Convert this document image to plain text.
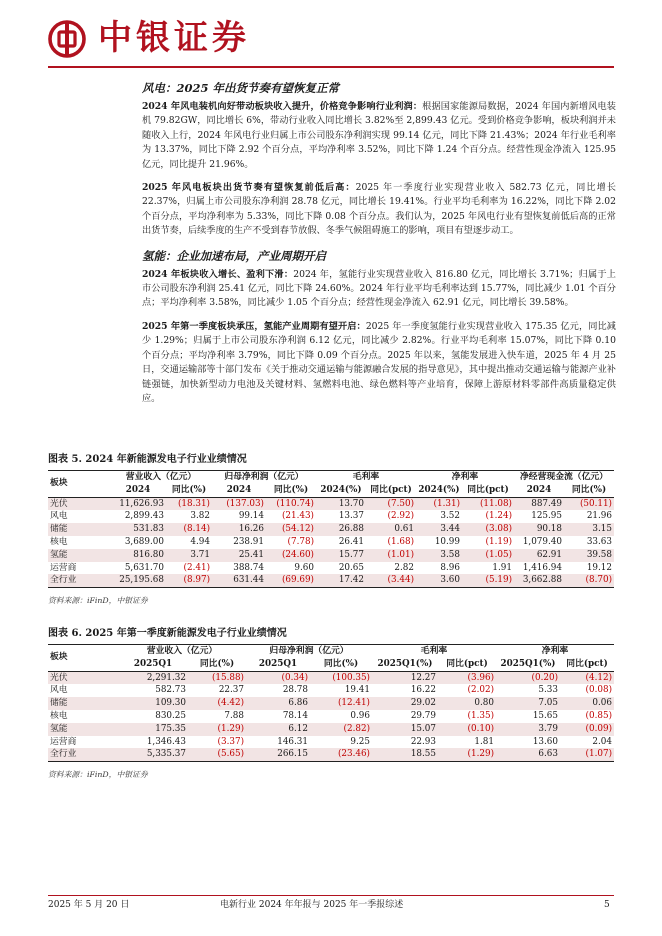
中银证券
风电：2025 年出货节奏有望恢复正常

2024 年风电装机向好带动板块收入提升，价格竞争影响行业利润：根据国家能源局数据，2024 年国内新增风电装机 79.82GW，同比增长 6%，带动行业收入同比增长 3.82%至 2,899.43 亿元。受到价格竞争影响，板块利润并未随收入上行，2024 年风电行业归属上市公司股东净利润实现 99.14 亿元，同比下降 21.43%；2024 年行业毛利率为 13.37%，同比下降 2.92 个百分点，平均净利率 3.52%，同比下降 1.24 个百分点。经营性现金净流入 125.95 亿元，同比提升 21.96%。

2025 年风电板块出货节奏有望恢复前低后高：2025 年一季度行业实现营业收入 582.73 亿元，同比增长 22.37%，归属上市公司股东净利润 28.78 亿元，同比增长 19.41%。行业平均毛利率为 16.22%，同比下降 2.02 个百分点，平均净利率为 5.33%，同比下降 0.08 个百分点。我们认为，2025 年风电行业有望恢复前低后高的正常出货节奏，后续季度的生产不受到春节放假、冬季气候阻碍施工的影响，项目有望逐步动工。

氢能：企业加速布局，产业周期开启

2024 年板块收入增长、盈利下滑：2024 年，氢能行业实现营业收入 816.80 亿元，同比增长 3.71%；归属于上市公司股东净利润 25.41 亿元，同比下降 24.60%。2024 年行业平均毛利率达到 15.77%，同比减少 1.01 个百分点；平均净利率 3.58%，同比减少 1.05 个百分点；经营性现金净流入 62.91 亿元，同比增长 39.58%。

2025 年第一季度板块承压，氢能产业周期有望开启：2025 年一季度氢能行业实现营业收入 175.35 亿元，同比减少 1.29%；归属于上市公司股东净利润 6.12 亿元，同比减少 2.82%。行业平均毛利率 15.07%，同比下降 0.10 个百分点；平均净利率 3.79%，同比下降 0.09 个百分点。2025 年以来，氢能发展进入快车道，2025 年 4 月 25 日，交通运输部等十部门发布《关于推动交通运输与能源融合发展的指导意见》，其中提出推动交通运输与能源产业补链强链，加快新型动力电池及关键材料、氢燃料电池、绿色燃料等产业培育，保障上游原材料零部件高质量稳定供应。

图表 5. 2024 年新能源发电子行业业绩情况
板块	营业收入（亿元）		归母净利润（亿元）		毛利率		净利率		净经营现金流（亿元）	
	2024	同比(%)	2024	同比(%)	2024(%)	同比(pct)	2024(%)	同比(pct)	2024	同比(%)
光伏	11,626.93	(18.31)	(137.03)	(110.74)	13.70	(7.50)	(1.31)	(11.08)	887.49	(50.11)
风电	2,899.43	3.82	99.14	(21.43)	13.37	(2.92)	3.52	(1.24)	125.95	21.96
储能	531.83	(8.14)	16.26	(54.12)	26.88	0.61	3.44	(3.08)	90.18	3.15
核电	3,689.00	4.94	238.91	(7.78)	26.41	(1.68)	10.99	(1.19)	1,079.40	33.63
氢能	816.80	3.71	25.41	(24.60)	15.77	(1.01)	3.58	(1.05)	62.91	39.58
运营商	5,631.70	(2.41)	388.74	9.60	20.65	2.82	8.96	1.91	1,416.94	19.12
全行业	25,195.68	(8.97)	631.44	(69.69)	17.42	(3.44)	3.60	(5.19)	3,662.88	(8.70)
资料来源：iFinD，中银证券
图表 6. 2025 年第一季度新能源发电子行业业绩情况
板块	营业收入（亿元）		归母净利润（亿元）		毛利率		净利率	
	2025Q1	同比(%)	2025Q1	同比(%)	2025Q1(%)	同比(pct)	2025Q1(%)	同比(pct)
光伏	2,291.32	(15.88)	(0.34)	(100.35)	12.27	(3.96)	(0.20)	(4.12)
风电	582.73	22.37	28.78	19.41	16.22	(2.02)	5.33	(0.08)
储能	109.30	(4.42)	6.86	(12.41)	29.02	0.80	7.05	0.06
核电	830.25	7.88	78.14	0.96	29.79	(1.35)	15.65	(0.85)
氢能	175.35	(1.29)	6.12	(2.82)	15.07	(0.10)	3.79	(0.09)
运营商	1,346.43	(3.37)	146.31	9.25	22.93	1.81	13.60	2.04
全行业	5,335.37	(5.65)	266.15	(23.46)	18.55	(1.29)	6.63	(1.07)
资料来源：iFinD，中银证券
2025 年 5 月 20 日	电新行业 2024 年年报与 2025 年一季报综述	5
